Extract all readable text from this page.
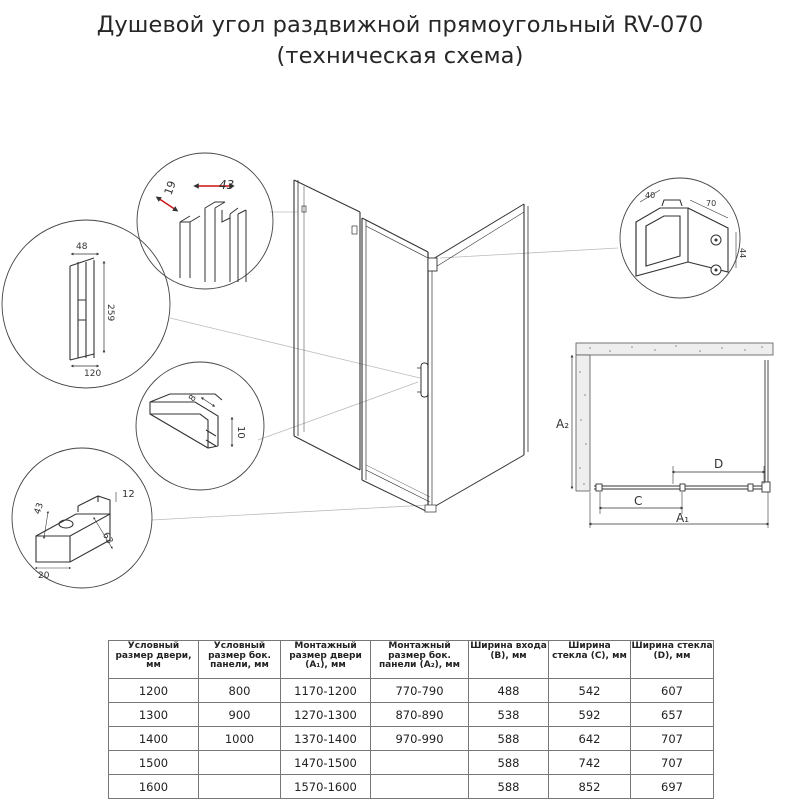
Душевой угол раздвижной прямоугольный RV-070
(техническая схема)
19	43
48
259
120
8
10
43
12
63
20
40
70
44
D
C
A₁
A₂
Условный размер двери, мм	Условный размер бок. панели, мм	Монтажный размер двери (A₁), мм	Монтажный размер бок. панели (A₂), мм	Ширина входа (B), мм	Ширина стекла (C), мм	Ширина стекла (D), мм
1200	800	1170-1200	770-790	488	542	607
1300	900	1270-1300	870-890	538	592	657
1400	1000	1370-1400	970-990	588	642	707
1500		1470-1500		588	742	707
1600		1570-1600		588	852	697
